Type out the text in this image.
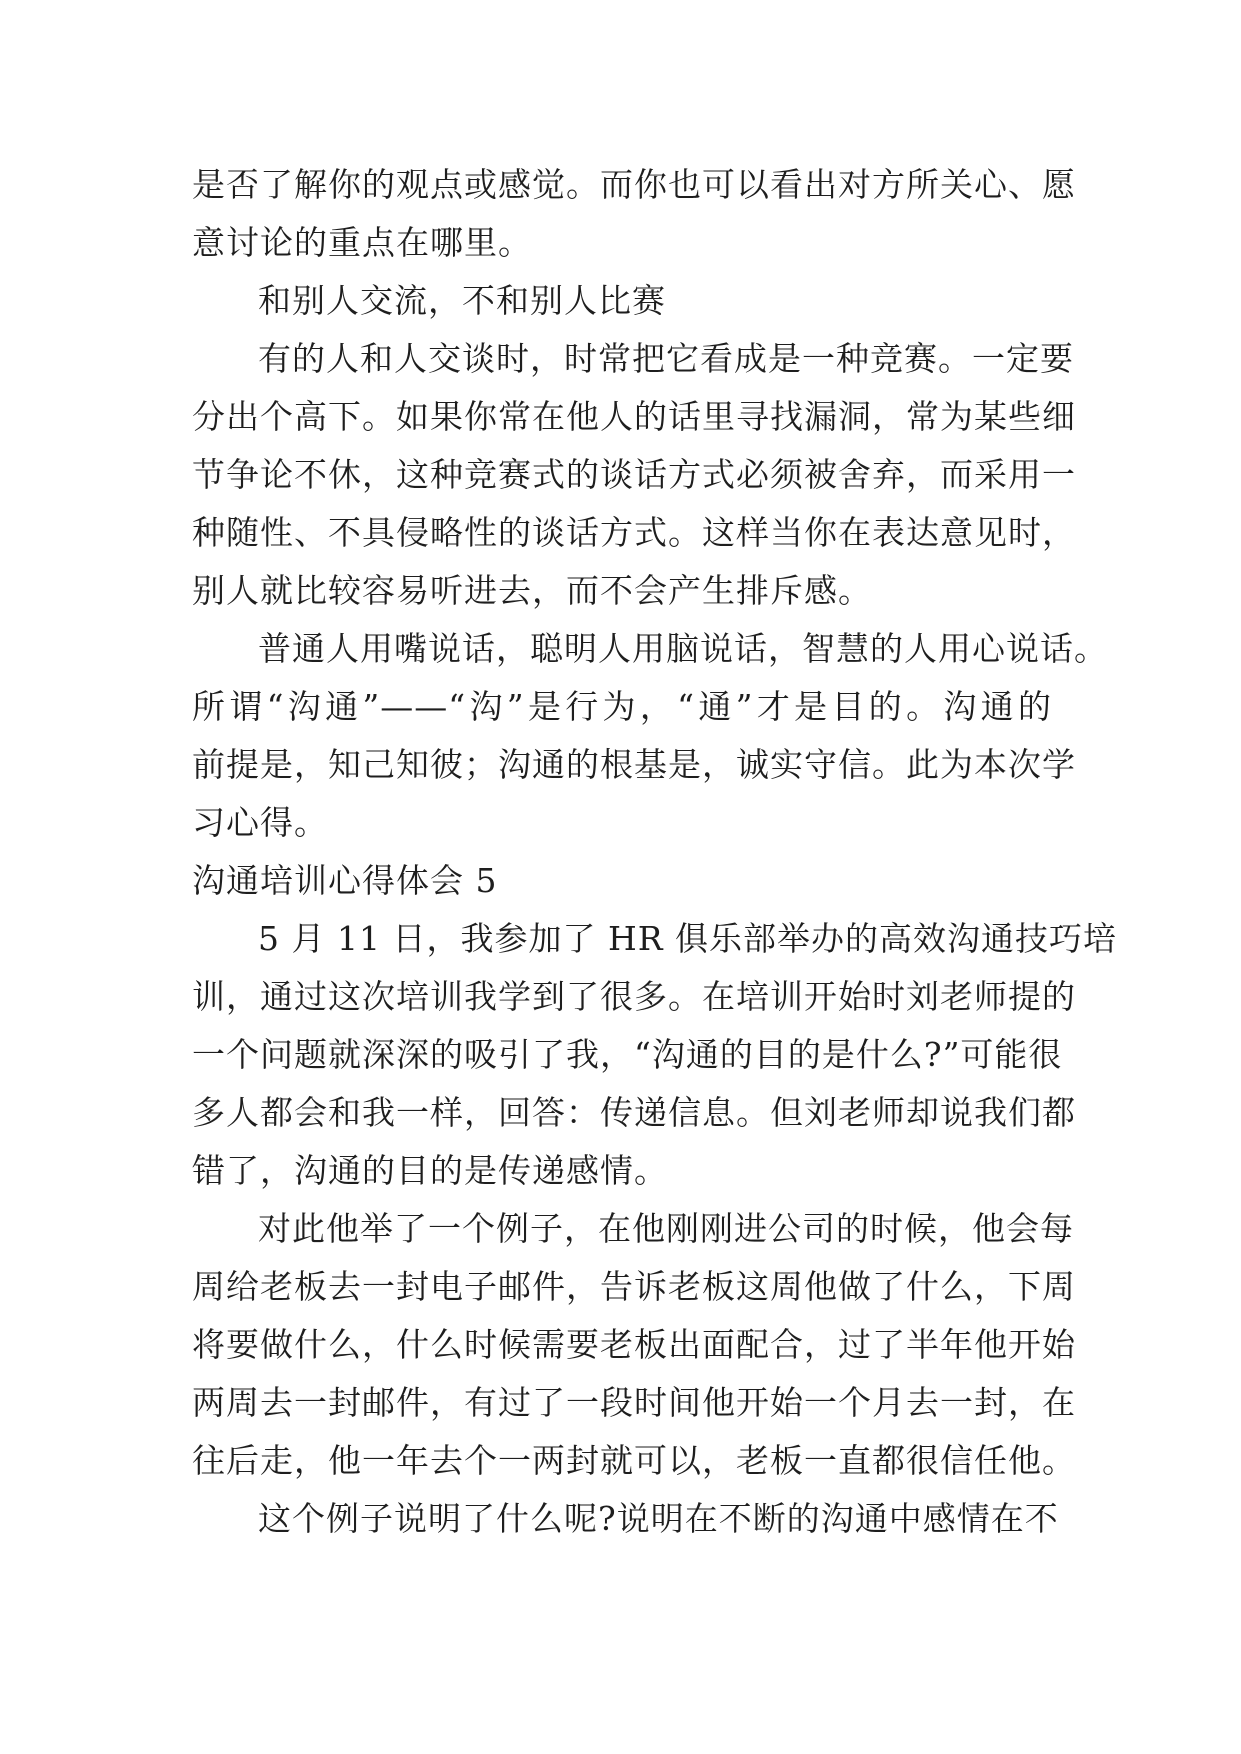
是否了解你的观点或感觉。而你也可以看出对方所关心、愿
意讨论的重点在哪里。
和别人交流，不和别人比赛
有的人和人交谈时，时常把它看成是一种竞赛。一定要
分出个高下。如果你常在他人的话里寻找漏洞，常为某些细
节争论不休，这种竞赛式的谈话方式必须被舍弃，而采用一
种随性、不具侵略性的谈话方式。这样当你在表达意见时，
别人就比较容易听进去，而不会产生排斥感。
普通人用嘴说话，聪明人用脑说话，智慧的人用心说话。
所谓“沟通”——“沟”是行为，“通”才是目的。沟通的
前提是，知己知彼；沟通的根基是，诚实守信。此为本次学
习心得。
沟通培训心得体会 5
5 月 11 日，我参加了 HR 俱乐部举办的高效沟通技巧培
训，通过这次培训我学到了很多。在培训开始时刘老师提的
一个问题就深深的吸引了我，“沟通的目的是什么?”可能很
多人都会和我一样，回答：传递信息。但刘老师却说我们都
错了，沟通的目的是传递感情。
对此他举了一个例子，在他刚刚进公司的时候，他会每
周给老板去一封电子邮件，告诉老板这周他做了什么，下周
将要做什么，什么时候需要老板出面配合，过了半年他开始
两周去一封邮件，有过了一段时间他开始一个月去一封，在
往后走，他一年去个一两封就可以，老板一直都很信任他。
这个例子说明了什么呢?说明在不断的沟通中感情在不
